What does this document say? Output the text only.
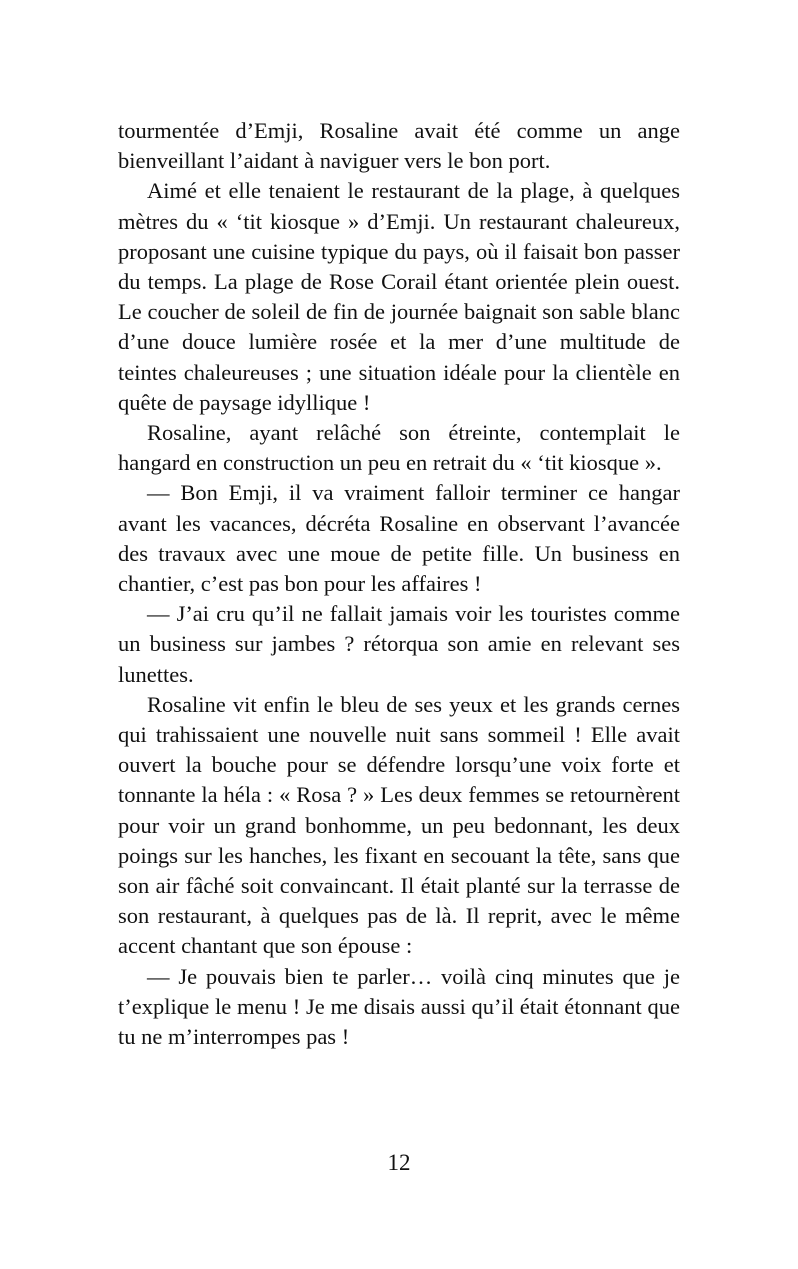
tourmentée d’Emji, Rosaline avait été comme un ange bienveillant l’aidant à naviguer vers le bon port.

Aimé et elle tenaient le restaurant de la plage, à quelques mètres du « ‘tit kiosque » d’Emji. Un restaurant chaleureux, proposant une cuisine typique du pays, où il faisait bon passer du temps. La plage de Rose Corail étant orientée plein ouest. Le coucher de soleil de fin de journée baignait son sable blanc d’une douce lumière rosée et la mer d’une multitude de teintes chaleureuses ; une situation idéale pour la clientèle en quête de paysage idyllique !

Rosaline, ayant relâché son étreinte, contemplait le hangard en construction un peu en retrait du « ‘tit kiosque ».

— Bon Emji, il va vraiment falloir terminer ce hangar avant les vacances, décréta Rosaline en observant l’avancée des travaux avec une moue de petite fille. Un business en chantier, c’est pas bon pour les affaires !

— J’ai cru qu’il ne fallait jamais voir les touristes comme un business sur jambes ? rétorqua son amie en relevant ses lunettes.

Rosaline vit enfin le bleu de ses yeux et les grands cernes qui trahissaient une nouvelle nuit sans sommeil ! Elle avait ouvert la bouche pour se défendre lorsqu’une voix forte et tonnante la héla : « Rosa ? » Les deux femmes se retournèrent pour voir un grand bonhomme, un peu bedonnant, les deux poings sur les hanches, les fixant en secouant la tête, sans que son air fâché soit convaincant. Il était planté sur la terrasse de son restaurant, à quelques pas de là. Il reprit, avec le même accent chantant que son épouse :

— Je pouvais bien te parler… voilà cinq minutes que je t’explique le menu ! Je me disais aussi qu’il était étonnant que tu ne m’interrompes pas !

12
